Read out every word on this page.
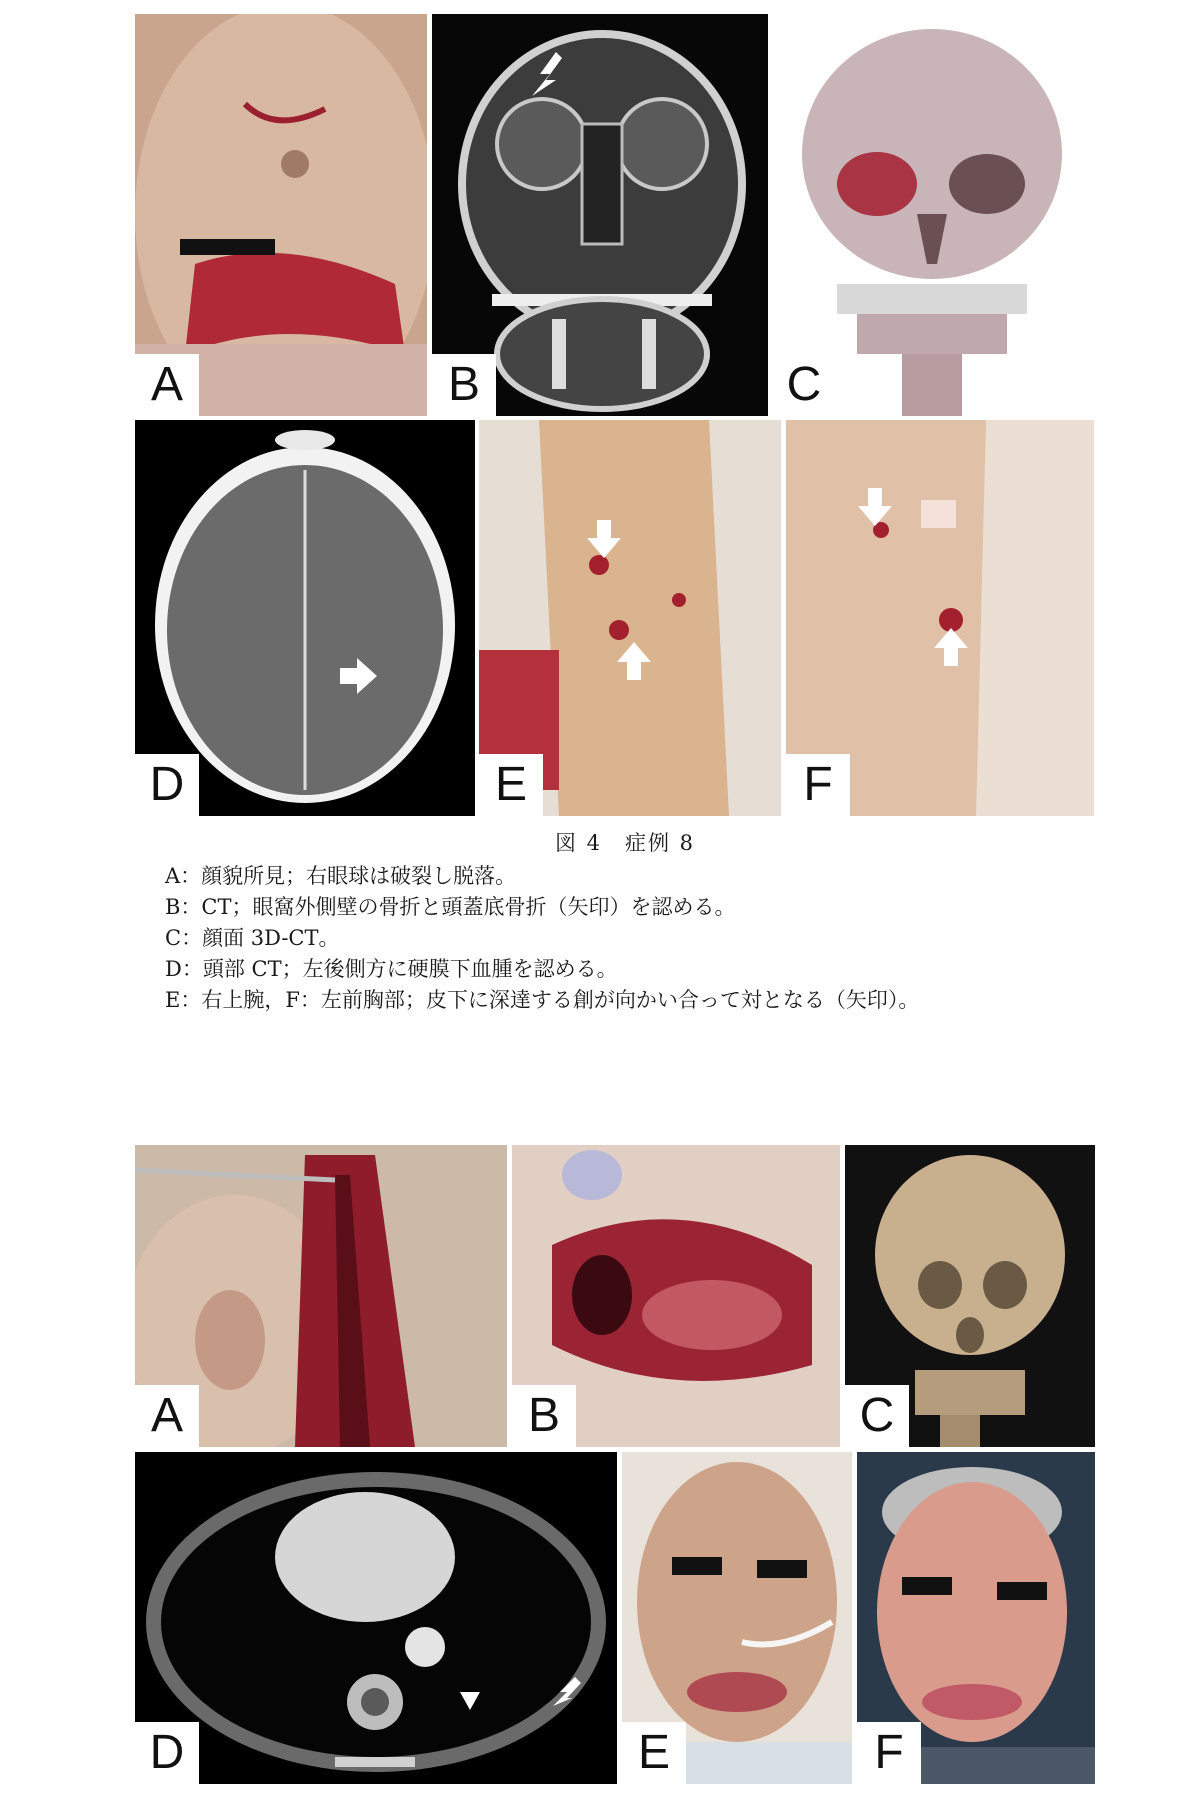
A	B	C
D	E	F
図 4　症例 8
A：顔貌所見；右眼球は破裂し脱落。
B：CT；眼窩外側壁の骨折と頭蓋底骨折（矢印）を認める。
C：顔面 3D-CT。
D：頭部 CT；左後側方に硬膜下血腫を認める。
E：右上腕，F：左前胸部；皮下に深達する創が向かい合って対となる（矢印）。
A	B	C
D	E	F
